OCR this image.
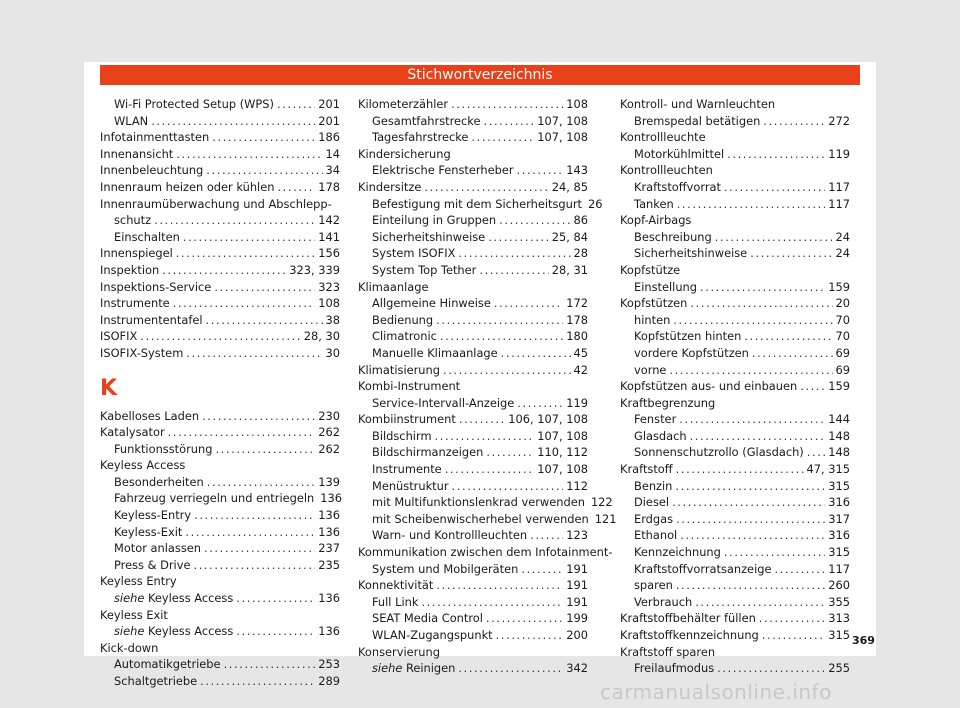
Stichwortverzeichnis
Wi-Fi Protected Setup (WPS) .....	201
WLAN .....	201
Infotainmenttasten .....	186
Innenansicht .....	14
Innenbeleuchtung .....	34
Innenraum heizen oder kühlen .....	178
Innenraumüberwachung und Abschlepp-
schutz .....	142
Einschalten .....	141
Innenspiegel .....	156
Inspektion .....	323, 339
Inspektions-Service .....	323
Instrumente .....	108
Instrumententafel .....	38
ISOFIX .....	28, 30
ISOFIX-System .....	30
K
Kabelloses Laden .....	230
Katalysator .....	262
Funktionsstörung .....	262
Keyless Access
Besonderheiten .....	139
Fahrzeug verriegeln und entriegeln 136
Keyless-Entry .....	136
Keyless-Exit .....	136
Motor anlassen .....	237
Press & Drive .....	235
Keyless Entry
siehe Keyless Access .....	136
Keyless Exit
siehe Keyless Access .....	136
Kick-down
Automatikgetriebe .....	253
Schaltgetriebe .....	289
Kilometerzähler .....	108
Gesamtfahrstrecke .....	107, 108
Tagesfahrstrecke .....	107, 108
Kindersicherung
Elektrische Fensterheber .....	143
Kindersitze .....	24, 85
Befestigung mit dem Sicherheitsgurt 26
Einteilung in Gruppen .....	86
Sicherheitshinweise .....	25, 84
System ISOFIX .....	28
System Top Tether .....	28, 31
Klimaanlage
Allgemeine Hinweise .....	172
Bedienung .....	178
Climatronic .....	180
Manuelle Klimaanlage .....	45
Klimatisierung .....	42
Kombi-Instrument
Service-Intervall-Anzeige .....	119
Kombiinstrument .....	106, 107, 108
Bildschirm .....	107, 108
Bildschirmanzeigen .....	110, 112
Instrumente .....	107, 108
Menüstruktur .....	112
mit Multifunktionslenkrad verwenden 122
mit Scheibenwischerhebel verwenden 121
Warn- und Kontrollleuchten .....	123
Kommunikation zwischen dem Infotainment-
System und Mobilgeräten .....	191
Konnektivität .....	191
Full Link .....	191
SEAT Media Control .....	199
WLAN-Zugangspunkt .....	200
Konservierung
siehe Reinigen .....	342
Kontroll- und Warnleuchten
Bremspedal betätigen .....	272
Kontrollleuchte
Motorkühlmittel .....	119
Kontrollleuchten
Kraftstoffvorrat .....	117
Tanken .....	117
Kopf-Airbags
Beschreibung .....	24
Sicherheitshinweise .....	24
Kopfstütze
Einstellung .....	159
Kopfstützen .....	20
hinten .....	70
Kopfstützen hinten .....	70
vordere Kopfstützen .....	69
vorne .....	69
Kopfstützen aus- und einbauen .....	159
Kraftbegrenzung
Fenster .....	144
Glasdach .....	148
Sonnenschutzrollo (Glasdach) ..... 148
Kraftstoff .....	47, 315
Benzin .....	315
Diesel .....	316
Erdgas .....	317
Ethanol .....	316
Kennzeichnung .....	315
Kraftstoffvorratsanzeige .....	117
sparen .....	260
Verbrauch .....	355
Kraftstoffbehälter füllen .....	313
Kraftstoffkennzeichnung .....	315
Kraftstoff sparen
Freilaufmodus .....	255
369
carmanualsonline.info
